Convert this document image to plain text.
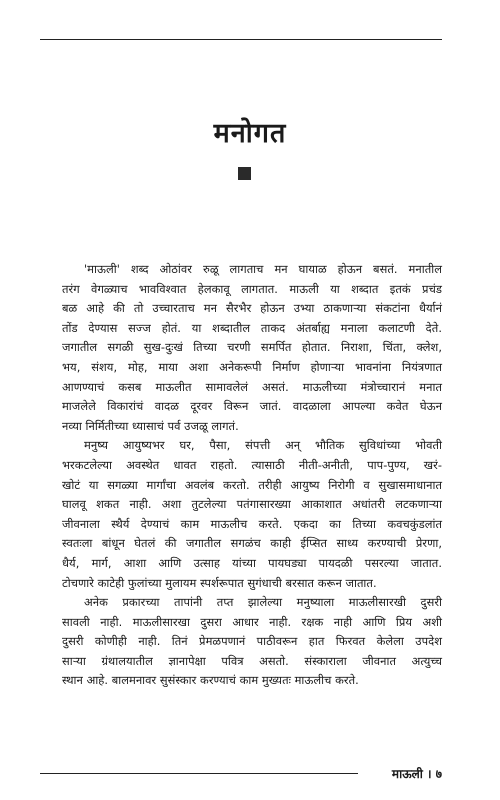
मनोगत

'माऊली' शब्द ओठांवर रुळू लागताच मन घायाळ होऊन बसतं. मनातील
तरंग वेगळ्याच भावविश्वात हेलकावू लागतात. माऊली या शब्दात इतकं प्रचंड
बळ आहे की तो उच्चारताच मन सैरभैर होऊन उभ्या ठाकणाऱ्या संकटांना धैर्यानं
तोंड देण्यास सज्ज होतं. या शब्दातील ताकद अंतर्बाह्य मनाला कलाटणी देते.
जगातील सगळी सुख-दुःखं तिच्या चरणी समर्पित होतात. निराशा, चिंता, क्लेश,
भय, संशय, मोह, माया अशा अनेकरूपी निर्माण होणाऱ्या भावनांना नियंत्रणात
आणण्याचं कसब माऊलीत सामावलेलं असतं. माऊलीच्या मंत्रोच्चारानं मनात
माजलेले विकारांचं वादळ दूरवर विरून जातं. वादळाला आपल्या कवेत घेऊन
नव्या निर्मितीच्या ध्यासाचं पर्व उजळू लागतं.

मनुष्य आयुष्यभर घर, पैसा, संपत्ती अन् भौतिक सुविधांच्या भोवती
भरकटलेल्या अवस्थेत धावत राहतो. त्यासाठी नीती-अनीती, पाप-पुण्य, खरं-
खोटं या सगळ्या मार्गांचा अवलंब करतो. तरीही आयुष्य निरोगी व सुखासमाधानात
घालवू शकत नाही. अशा तुटलेल्या पतंगासारख्या आकाशात अधांतरी लटकणाऱ्या
जीवनाला स्थैर्य देण्याचं काम माऊलीच करते. एकदा का तिच्या कवचकुंडलांत
स्वतःला बांधून घेतलं की जगातील सगळंच काही ईप्सित साध्य करण्याची प्रेरणा,
धैर्य, मार्ग, आशा आणि उत्साह यांच्या पायघड्या पायदळी पसरल्या जातात.
टोचणारे काटेही फुलांच्या मुलायम स्पर्शरूपात सुगंधाची बरसात करून जातात.

अनेक प्रकारच्या तापांनी तप्त झालेल्या मनुष्याला माऊलीसारखी दुसरी
सावली नाही. माऊलीसारखा दुसरा आधार नाही. रक्षक नाही आणि प्रिय अशी
दुसरी कोणीही नाही. तिनं प्रेमळपणानं पाठीवरून हात फिरवत केलेला उपदेश
साऱ्या ग्रंथालयातील ज्ञानापेक्षा पवित्र असतो. संस्काराला जीवनात अत्युच्च
स्थान आहे. बालमनावर सुसंस्कार करण्याचं काम मुख्यतः माऊलीच करते.

माऊली । ७
